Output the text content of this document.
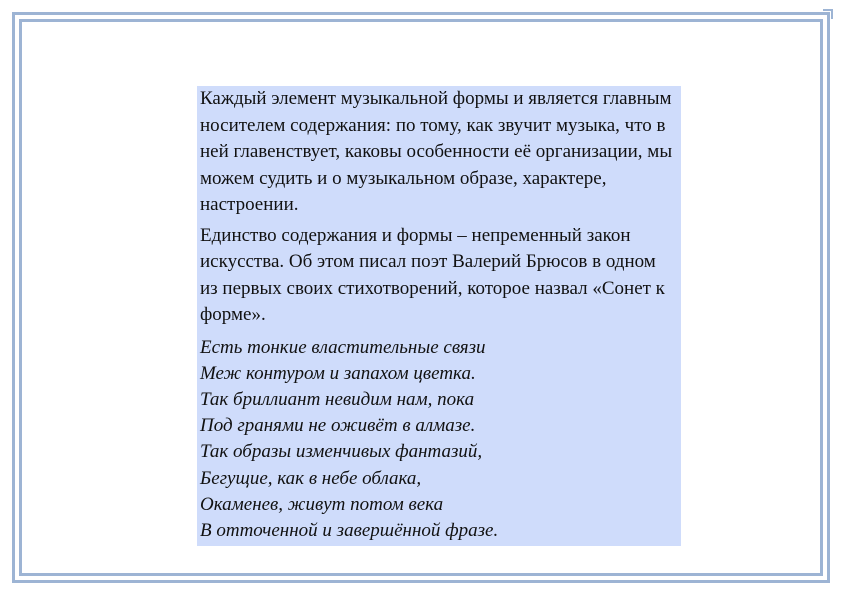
Каждый элемент музыкальной формы и является главным носителем содержания: по тому, как звучит музыка, что в ней главенствует, каковы особенности её организации, мы можем судить и о музыкальном образе, характере, настроении.

Единство содержания и формы – непременный закон искусства. Об этом писал поэт Валерий Брюсов в одном из первых своих стихотворений, которое назвал «Сонет к форме».

Есть тонкие властительные связи
Меж контуром и запахом цветка.
Так бриллиант невидим нам, пока
Под гранями не оживёт в алмазе.
Так образы изменчивых фантазий,
Бегущие, как в небе облака,
Окаменев, живут потом века
В отточенной и завершённой фразе.
